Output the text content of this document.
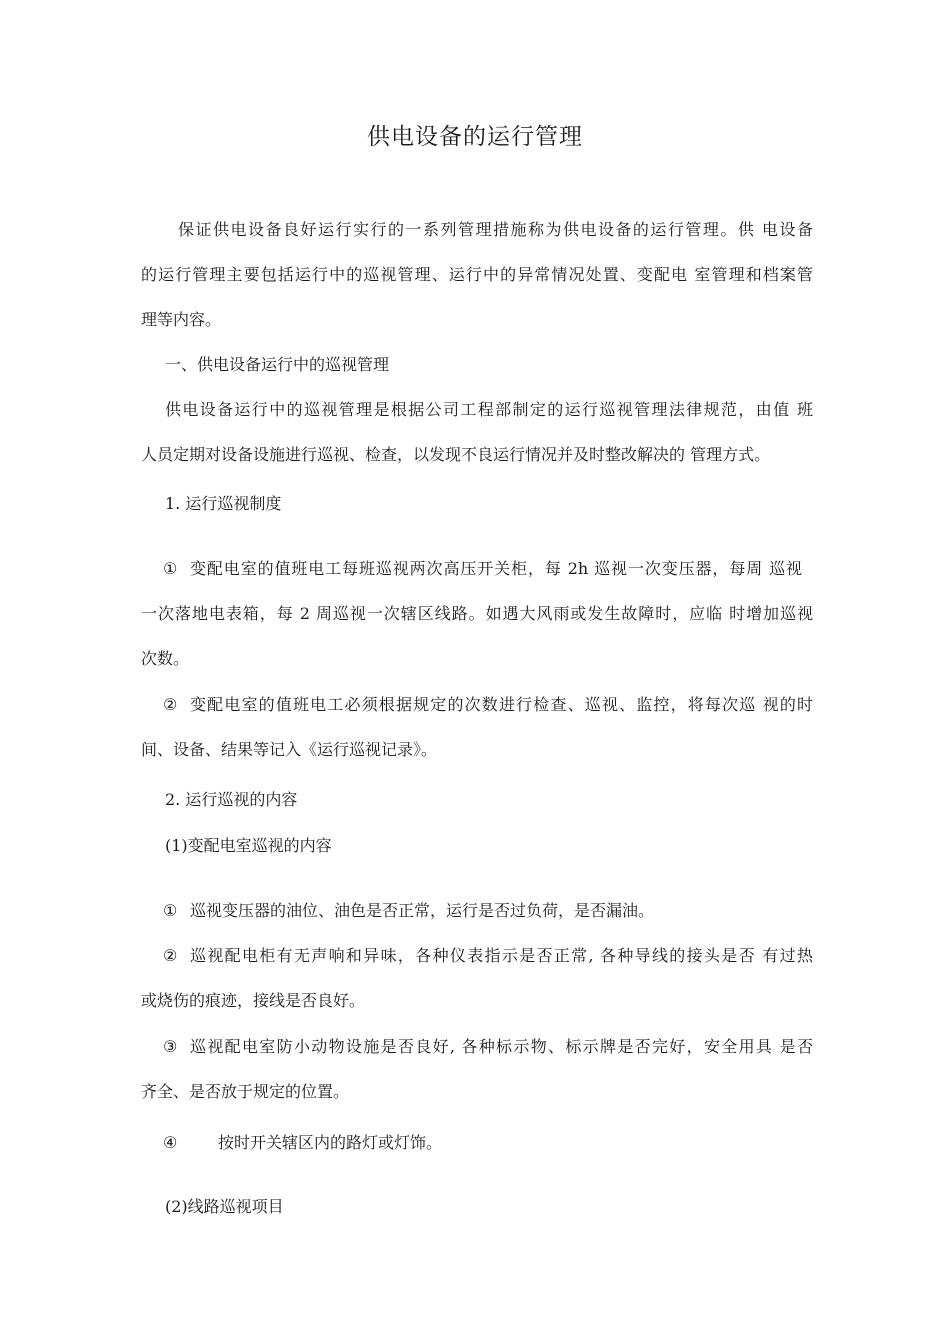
供电设备的运行管理
保证供电设备良好运行实行的一系列管理措施称为供电设备的运行管理。供 电设备
的运行管理主要包括运行中的巡视管理、运行中的异常情况处置、变配电 室管理和档案管
理等内容。
一、供电设备运行中的巡视管理
供电设备运行中的巡视管理是根据公司工程部制定的运行巡视管理法律规范，由值 班
人员定期对设备设施进行巡视、检查，以发现不良运行情况并及时整改解决的 管理方式。
1. 运行巡视制度
① 变配电室的值班电工每班巡视两次高压开关柜，每 2h 巡视一次变压器，每周 巡视
一次落地电表箱，每 2 周巡视一次辖区线路。如遇大风雨或发生故障时，应临 时增加巡视
次数。
② 变配电室的值班电工必须根据规定的次数进行检查、巡视、监控，将每次巡 视的时
间、设备、结果等记入《运行巡视记录》。
2. 运行巡视的内容
(1)变配电室巡视的内容
① 巡视变压器的油位、油色是否正常，运行是否过负荷，是否漏油。
② 巡视配电柜有无声响和异味，各种仪表指示是否正常, 各种导线的接头是否 有过热
或烧伤的痕迹，接线是否良好。
③ 巡视配电室防小动物设施是否良好, 各种标示物、标示牌是否完好，安全用具 是否
齐全、是否放于规定的位置。
④	按时开关辖区内的路灯或灯饰。
(2)线路巡视项目
